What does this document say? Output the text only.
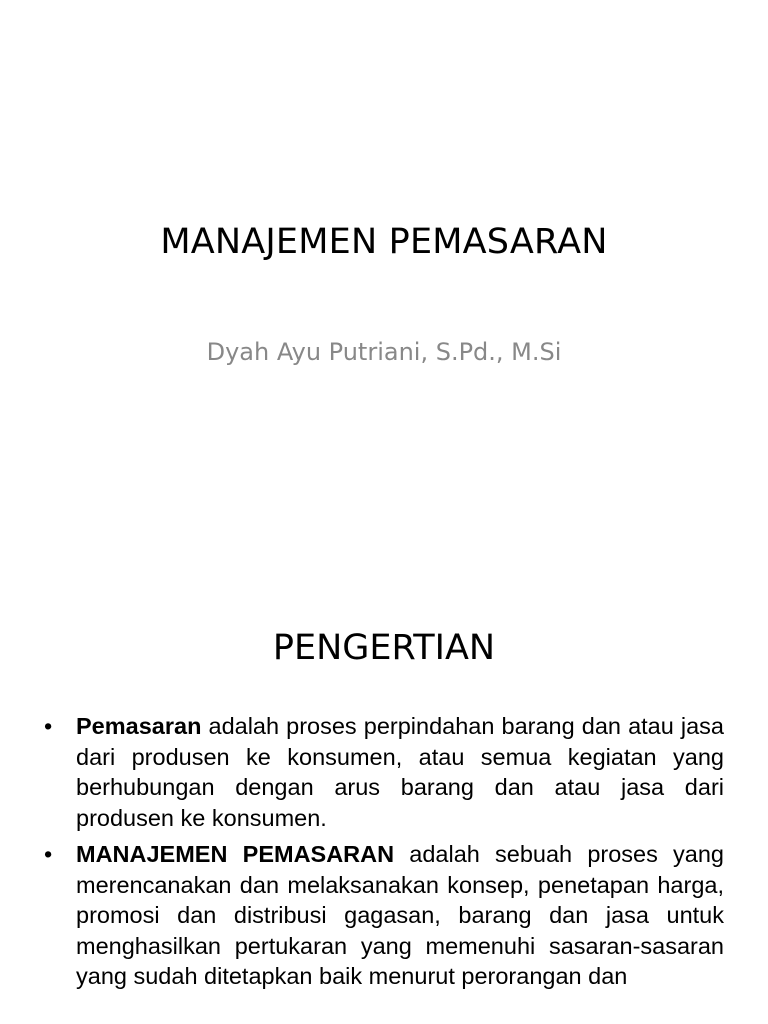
MANAJEMEN PEMASARAN
Dyah Ayu Putriani, S.Pd., M.Si
PENGERTIAN
•	Pemasaran adalah proses perpindahan barang dan atau jasa dari produsen ke konsumen, atau semua kegiatan yang berhubungan dengan arus barang dan atau jasa dari produsen ke konsumen.
•	MANAJEMEN PEMASARAN adalah sebuah proses yang merencanakan dan melaksanakan konsep, penetapan harga, promosi dan distribusi gagasan, barang dan jasa untuk menghasilkan pertukaran yang memenuhi sasaran-sasaran yang sudah ditetapkan baik menurut perorangan dan
